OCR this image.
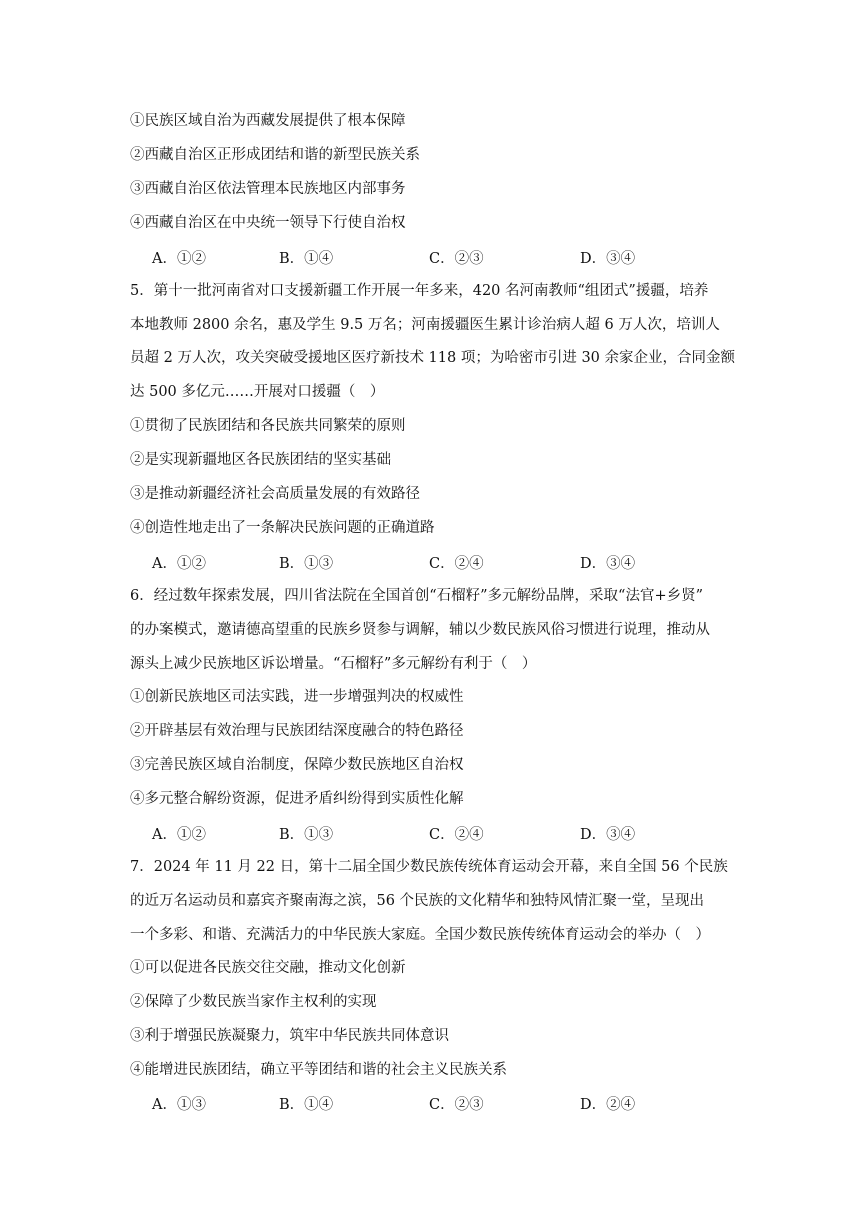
①民族区域自治为西藏发展提供了根本保障
②西藏自治区正形成团结和谐的新型民族关系
③西藏自治区依法管理本民族地区内部事务
④西藏自治区在中央统一领导下行使自治权
A．①②	B．①④	C．②③	D．③④
5．第十一批河南省对口支援新疆工作开展一年多来，420 名河南教师“组团式”援疆，培养
本地教师 2800 余名，惠及学生 9.5 万名；河南援疆医生累计诊治病人超 6 万人次，培训人
员超 2 万人次，攻关突破受援地区医疗新技术 118 项；为哈密市引进 30 余家企业，合同金额
达 500 多亿元……开展对口援疆（　）
①贯彻了民族团结和各民族共同繁荣的原则
②是实现新疆地区各民族团结的坚实基础
③是推动新疆经济社会高质量发展的有效路径
④创造性地走出了一条解决民族问题的正确道路
A．①②	B．①③	C．②④	D．③④
6．经过数年探索发展，四川省法院在全国首创“石榴籽”多元解纷品牌，采取“法官+乡贤”
的办案模式，邀请德高望重的民族乡贤参与调解，辅以少数民族风俗习惯进行说理，推动从
源头上减少民族地区诉讼增量。“石榴籽”多元解纷有利于（　）
①创新民族地区司法实践，进一步增强判决的权威性
②开辟基层有效治理与民族团结深度融合的特色路径
③完善民族区域自治制度，保障少数民族地区自治权
④多元整合解纷资源，促进矛盾纠纷得到实质性化解
A．①②	B．①③	C．②④	D．③④
7．2024 年 11 月 22 日，第十二届全国少数民族传统体育运动会开幕，来自全国 56 个民族
的近万名运动员和嘉宾齐聚南海之滨，56 个民族的文化精华和独特风情汇聚一堂，呈现出
一个多彩、和谐、充满活力的中华民族大家庭。全国少数民族传统体育运动会的举办（　）
①可以促进各民族交往交融，推动文化创新
②保障了少数民族当家作主权利的实现
③利于增强民族凝聚力，筑牢中华民族共同体意识
④能增进民族团结，确立平等团结和谐的社会主义民族关系
A．①③	B．①④	C．②③	D．②④
